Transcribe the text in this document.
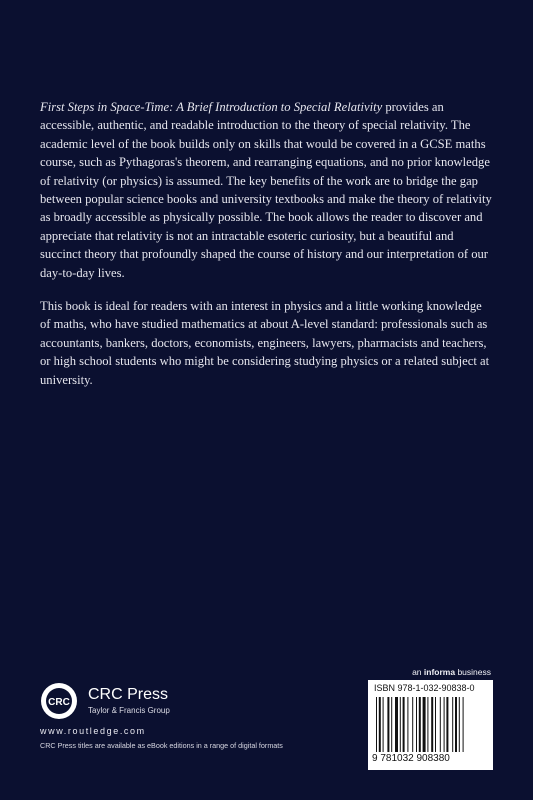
First Steps in Space-Time: A Brief Introduction to Special Relativity provides an accessible, authentic, and readable introduction to the theory of special relativity. The academic level of the book builds only on skills that would be covered in a GCSE maths course, such as Pythagoras's theorem, and rearranging equations, and no prior knowledge of relativity (or physics) is assumed. The key benefits of the work are to bridge the gap between popular science books and university textbooks and make the theory of relativity as broadly accessible as physically possible. The book allows the reader to discover and appreciate that relativity is not an intractable esoteric curiosity, but a beautiful and succinct theory that profoundly shaped the course of history and our interpretation of our day-to-day lives.

This book is ideal for readers with an interest in physics and a little working knowledge of maths, who have studied mathematics at about A-level standard: professionals such as accountants, bankers, doctors, economists, engineers, lawyers, pharmacists and teachers, or high school students who might be considering studying physics or a related subject at university.

an informa business
CRC CRC Press
Taylor & Francis Group
www.routledge.com
CRC Press titles are available as eBook editions in a range of digital formats
ISBN 978-1-032-90838-0
9 781032 908380
